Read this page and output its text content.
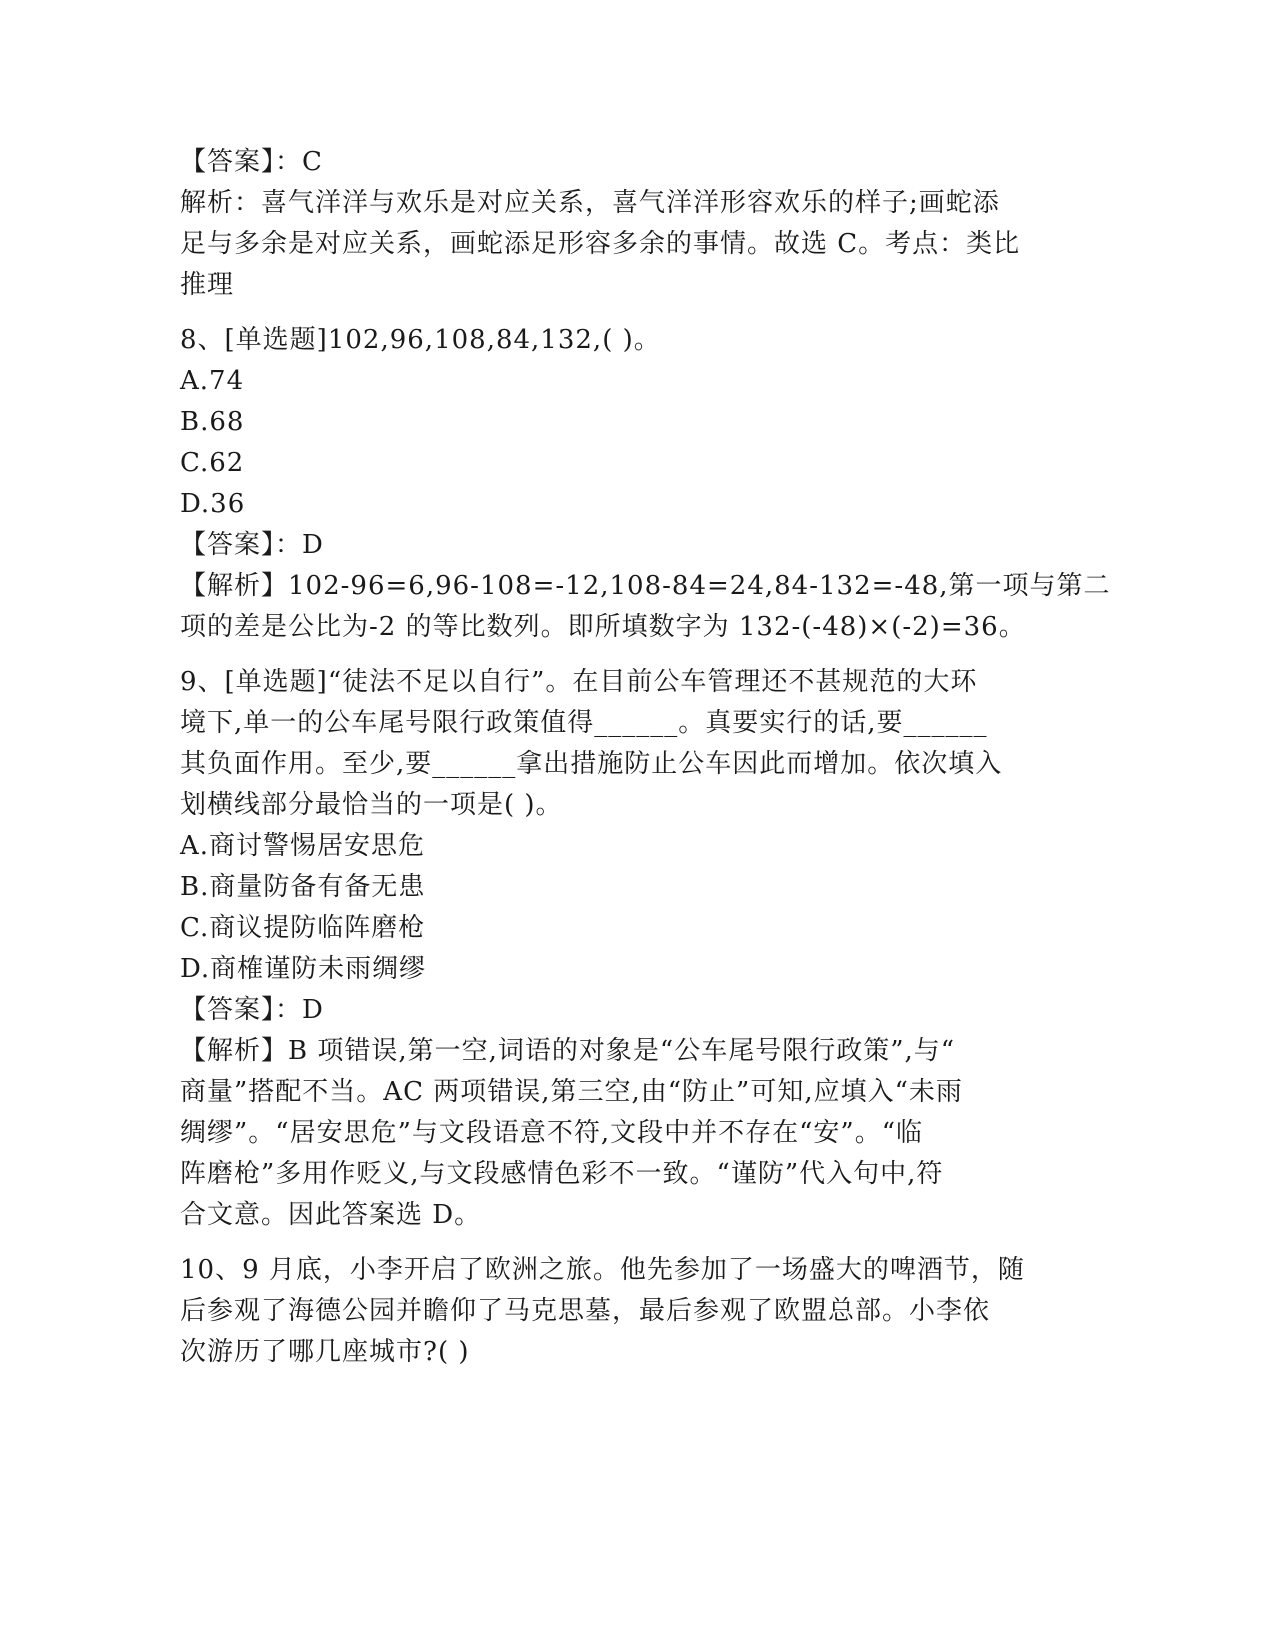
【答案】：C
解析：喜气洋洋与欢乐是对应关系，喜气洋洋形容欢乐的样子;画蛇添
足与多余是对应关系，画蛇添足形容多余的事情。故选 C。考点：类比
推理
8、[单选题]102,96,108,84,132,( )。
A.74
B.68
C.62
D.36
【答案】：D
【解析】102-96=6,96-108=-12,108-84=24,84-132=-48,第一项与第二
项的差是公比为-2 的等比数列。即所填数字为 132-(-48)×(-2)=36。
9、[单选题]“徒法不足以自行”。在目前公车管理还不甚规范的大环
境下,单一的公车尾号限行政策值得______。真要实行的话,要______
其负面作用。至少,要______拿出措施防止公车因此而增加。依次填入
划横线部分最恰当的一项是( )。
A.商讨警惕居安思危
B.商量防备有备无患
C.商议提防临阵磨枪
D.商榷谨防未雨绸缪
【答案】：D
【解析】B 项错误,第一空,词语的对象是“公车尾号限行政策”,与“
商量”搭配不当。AC 两项错误,第三空,由“防止”可知,应填入“未雨
绸缪”。“居安思危”与文段语意不符,文段中并不存在“安”。“临
阵磨枪”多用作贬义,与文段感情色彩不一致。“谨防”代入句中,符
合文意。因此答案选 D。
10、9 月底，小李开启了欧洲之旅。他先参加了一场盛大的啤酒节，随
后参观了海德公园并瞻仰了马克思墓，最后参观了欧盟总部。小李依
次游历了哪几座城市?( )
